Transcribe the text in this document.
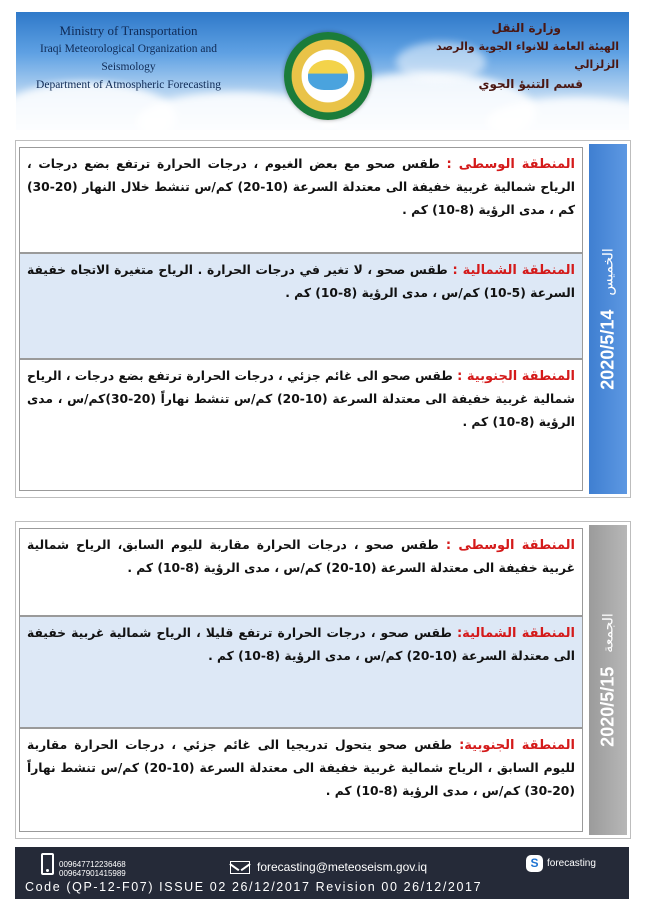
Ministry of Transportation
Iraqi Meteorological Organization and Seismology
Department of Atmospheric Forecasting
وزارة النقل
الهيئة العامة للانواء الجوية والرصد الزلزالي
قسم التنبؤ الجوي
المنطقة الوسطى : طقس صحو مع بعض الغيوم ، درجات الحرارة ترتفع بضع درجات ، الرياح شمالية غربية خفيفة الى معتدلة السرعة (10-20) كم/س تنشط خلال النهار (20-30) كم ، مدى الرؤية (8-10) كم .
المنطقة الشمالية : طقس صحو ، لا تغير في درجات الحرارة . الرياح متغيرة الاتجاه خفيفة السرعة (5-10) كم/س ، مدى الرؤية (8-10) كم .
المنطقة الجنوبية : طقس صحو الى غائم جزئي ، درجات الحرارة ترتفع بضع درجات ، الرياح شمالية غربية خفيفة الى معتدلة السرعة (10-20) كم/س تنشط نهاراً (20-30)كم/س ، مدى الرؤية (8-10) كم .
2020/5/14
الخميس
المنطقة الوسطى : طقس صحو ، درجات الحرارة مقاربة لليوم السابق، الرياح شمالية غربية خفيفة الى معتدلة السرعة (10-20) كم/س ، مدى الرؤية (8-10) كم .
المنطقة الشمالية: طقس صحو ، درجات الحرارة ترتفع قليلا ، الرياح شمالية غربية خفيفة الى معتدلة السرعة (10-20) كم/س ، مدى الرؤية (8-10) كم .
المنطقة الجنوبية: طقس صحو يتحول تدريجيا الى غائم جزئي ، درجات الحرارة مقاربة لليوم السابق ، الرياح شمالية غربية خفيفة الى معتدلة السرعة (10-20) كم/س تنشط نهاراً (20-30) كم/س ، مدى الرؤية (8-10) كم .
2020/5/15
الجمعة
009647712236468
009647901415989	forecasting@meteoseism.gov.iq	S forecasting
Code (QP-12-F07) ISSUE 02 26/12/2017 Revision 00 26/12/2017
